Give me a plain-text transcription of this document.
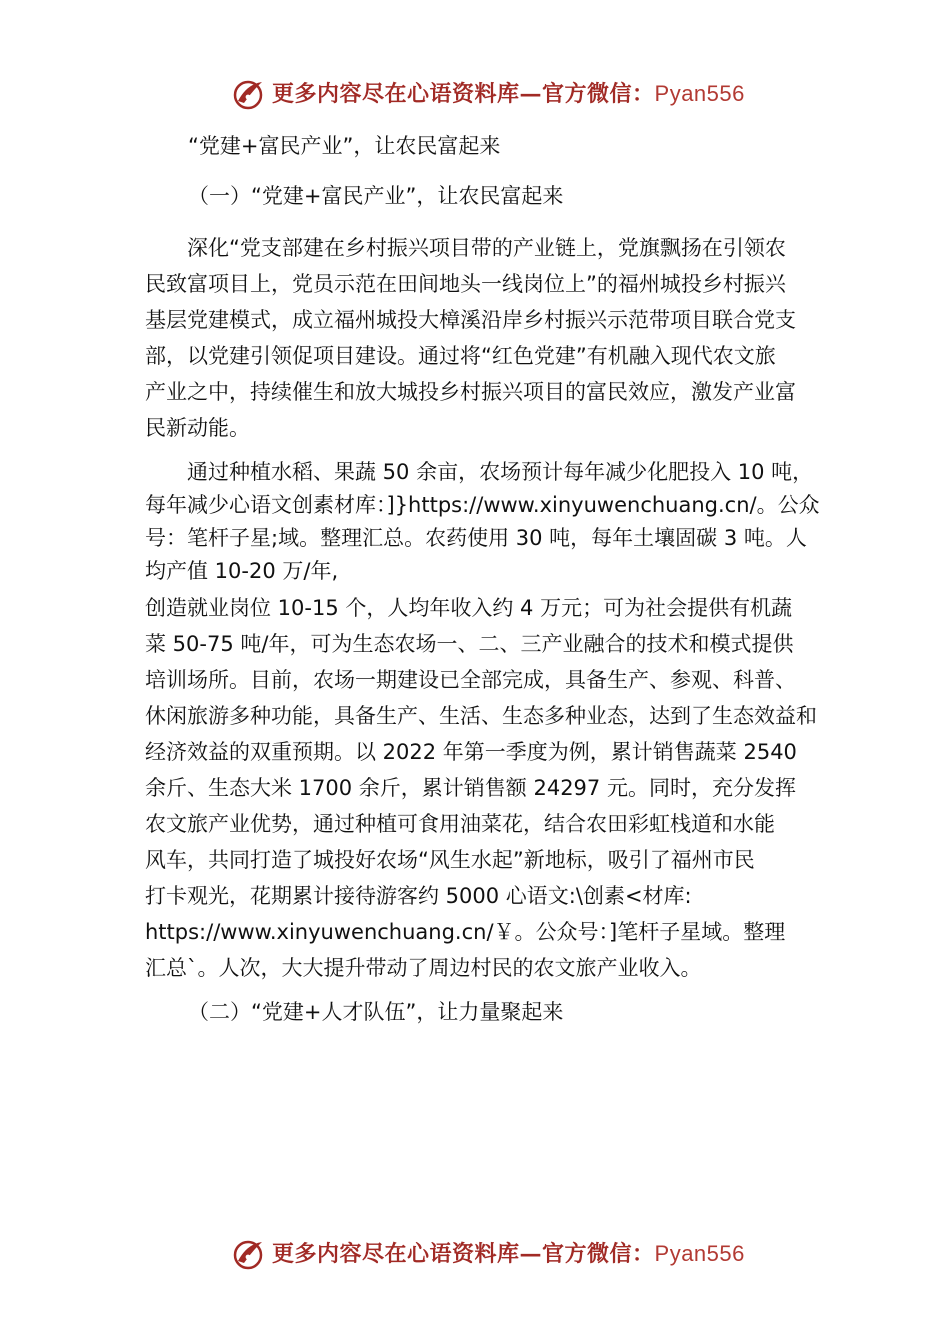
更多内容尽在心语资料库—官方微信：Pyan556
“党建+富民产业”，让农民富起来
（一）“党建+富民产业”，让农民富起来
深化“党支部建在乡村振兴项目带的产业链上，党旗飘扬在引领农
民致富项目上，党员示范在田间地头一线岗位上”的福州城投乡村振兴
基层党建模式，成立福州城投大樟溪沿岸乡村振兴示范带项目联合党支
部，以党建引领促项目建设。通过将“红色党建”有机融入现代农文旅
产业之中，持续催生和放大城投乡村振兴项目的富民效应，激发产业富
民新动能。
通过种植水稻、果蔬 50 余亩，农场预计每年减少化肥投入 10 吨，
每年减少心语文创素材库：]}https://www.xinyuwenchuang.cn/。公众
号：笔杆子星;域。整理汇总。农药使用 30 吨，每年土壤固碳 3 吨。人
均产值 10-20 万/年,
创造就业岗位 10-15 个，人均年收入约 4 万元；可为社会提供有机蔬
菜 50-75 吨/年，可为生态农场一、二、三产业融合的技术和模式提供
培训场所。目前，农场一期建设已全部完成，具备生产、参观、科普、
休闲旅游多种功能，具备生产、生活、生态多种业态，达到了生态效益和
经济效益的双重预期。以 2022 年第一季度为例，累计销售蔬菜 2540
余斤、生态大米 1700 余斤，累计销售额 24297 元。同时，充分发挥
农文旅产业优势，通过种植可食用油菜花，结合农田彩虹栈道和水能
风车，共同打造了城投好农场“风生水起”新地标，吸引了福州市民
打卡观光，花期累计接待游客约 5000 心语文:\创素<材库:
https://www.xinyuwenchuang.cn/￥。公众号：]笔杆子星域。整理
汇总`。人次，大大提升带动了周边村民的农文旅产业收入。
（二）“党建+人才队伍”，让力量聚起来
更多内容尽在心语资料库—官方微信：Pyan556
